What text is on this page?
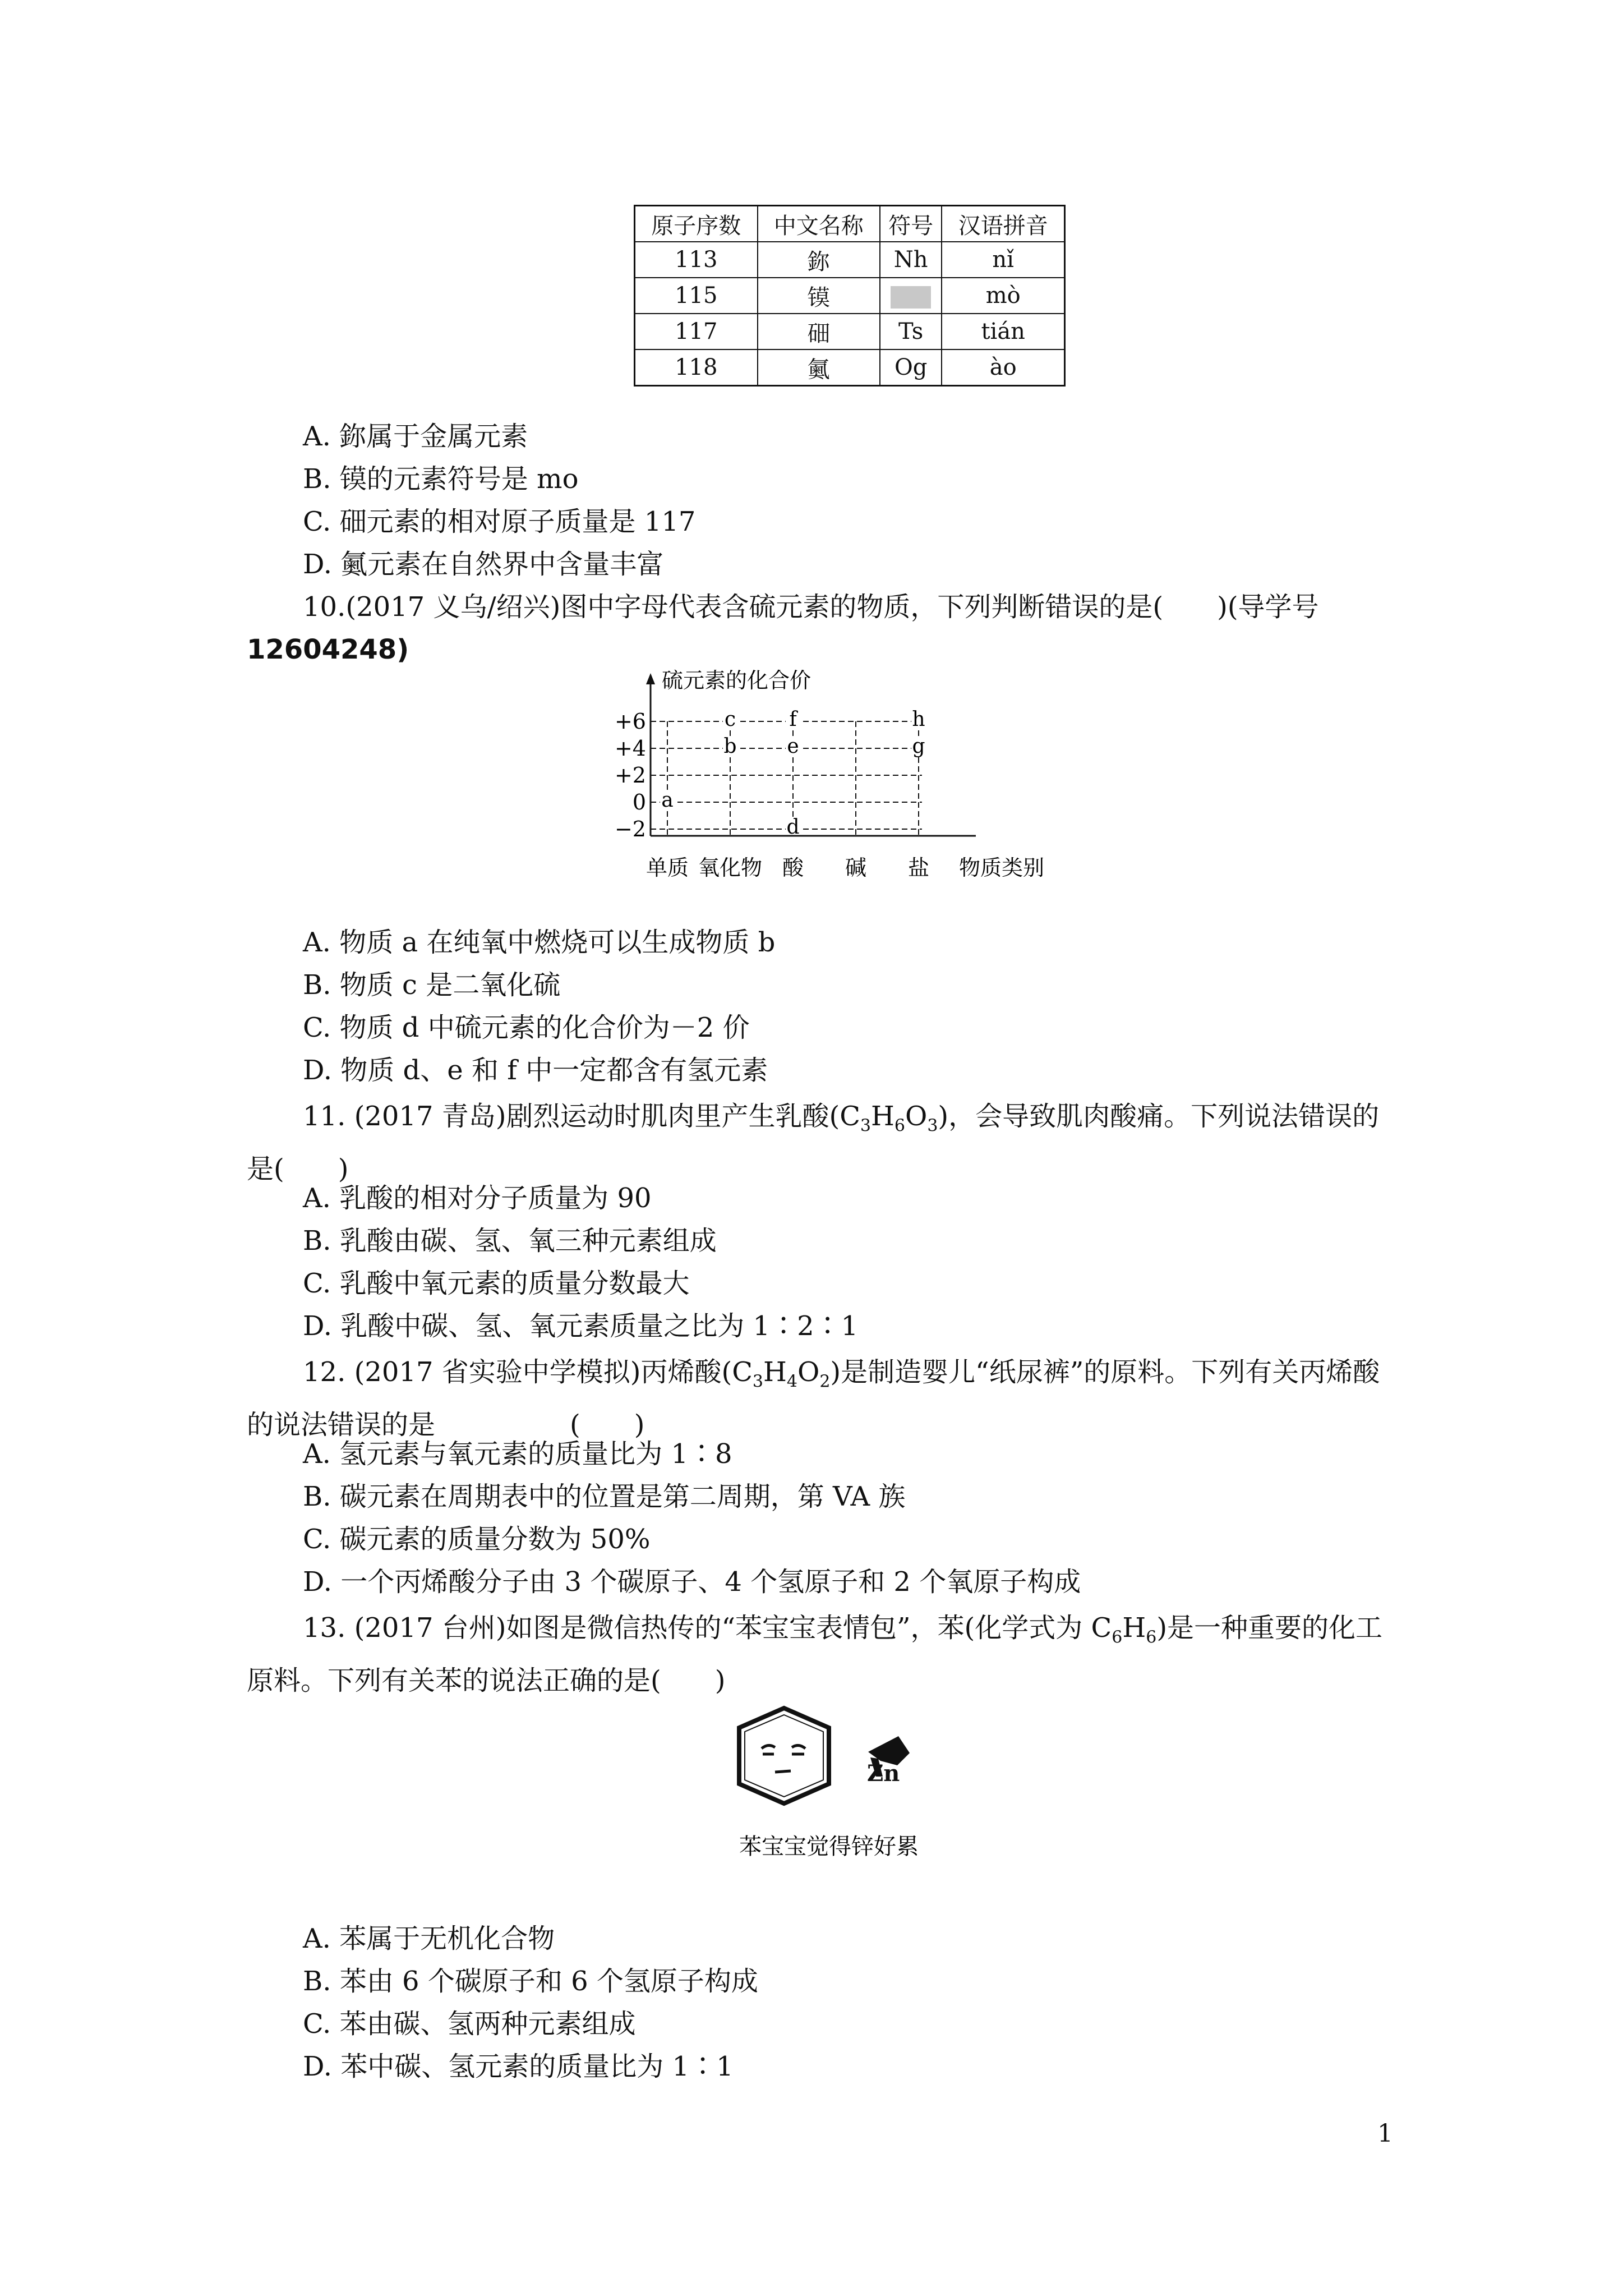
原子序数	中文名称	符号	汉语拼音
113	鉨	Nh	nǐ
115	镆		mò
117	鿬	Ts	tián
118	鿫	Og	ào
A. 鉨属于金属元素
B. 镆的元素符号是 mo
C. 鿬元素的相对原子质量是 117
D. 鿫元素在自然界中含量丰富
10.(2017 义乌/绍兴)图中字母代表含硫元素的物质，下列判断错误的是(　　)(导学号
12604248)
硫元素的化合价
物质类别
+6
+4
+2
0
−2
单质 氧化物 酸 碱 盐
a
b
c
d
e
f
g
h
A. 物质 a 在纯氧中燃烧可以生成物质 b
B. 物质 c 是二氧化硫
C. 物质 d 中硫元素的化合价为－2 价
D. 物质 d、e 和 f 中一定都含有氢元素
11. (2017 青岛)剧烈运动时肌肉里产生乳酸$(C_3H_6O_3)$，会导致肌肉酸痛。下列说法错误的是(　　)
A. 乳酸的相对分子质量为 90
B. 乳酸由碳、氢、氧三种元素组成
C. 乳酸中氧元素的质量分数最大
D. 乳酸中碳、氢、氧元素质量之比为 1∶2∶1
12. (2017 省实验中学模拟)丙烯酸$(C_3H_4O_2)$是制造婴儿“纸尿裤”的原料。下列有关丙烯酸的说法错误的是　　　　　(　　)
A. 氢元素与氧元素的质量比为 1∶8
B. 碳元素在周期表中的位置是第二周期，第 VA 族
C. 碳元素的质量分数为 50%
D. 一个丙烯酸分子由 3 个碳原子、4 个氢原子和 2 个氧原子构成
13. (2017 台州)如图是微信热传的“苯宝宝表情包”，苯(化学式为 $C_6H_6$)是一种重要的化工原料。下列有关苯的说法正确的是(　　)
Zn
苯宝宝觉得锌好累
A. 苯属于无机化合物
B. 苯由 6 个碳原子和 6 个氢原子构成
C. 苯由碳、氢两种元素组成
D. 苯中碳、氢元素的质量比为 1∶1
1
